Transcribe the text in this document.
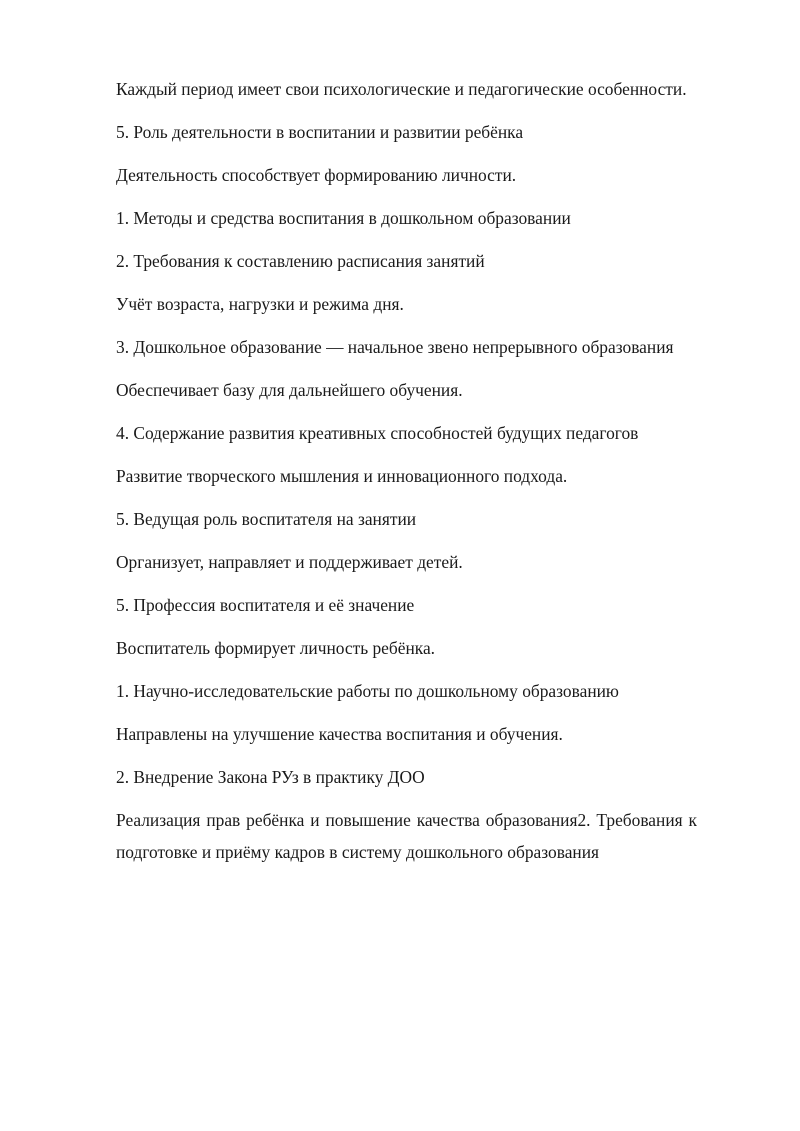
Каждый период имеет свои психологические и педагогические особенности.

5. Роль деятельности в воспитании и развитии ребёнка

Деятельность способствует формированию личности.

1. Методы и средства воспитания в дошкольном образовании

2. Требования к составлению расписания занятий

Учёт возраста, нагрузки и режима дня.

3. Дошкольное образование — начальное звено непрерывного образования

Обеспечивает базу для дальнейшего обучения.

4. Содержание развития креативных способностей будущих педагогов

Развитие творческого мышления и инновационного подхода.

5. Ведущая роль воспитателя на занятии

Организует, направляет и поддерживает детей.

5. Профессия воспитателя и её значение

Воспитатель формирует личность ребёнка.

1. Научно-исследовательские работы по дошкольному образованию

Направлены на улучшение качества воспитания и обучения.

2. Внедрение Закона РУз в практику ДОО

Реализация прав ребёнка и повышение качества образования2. Требования к подготовке и приёму кадров в систему дошкольного образования
